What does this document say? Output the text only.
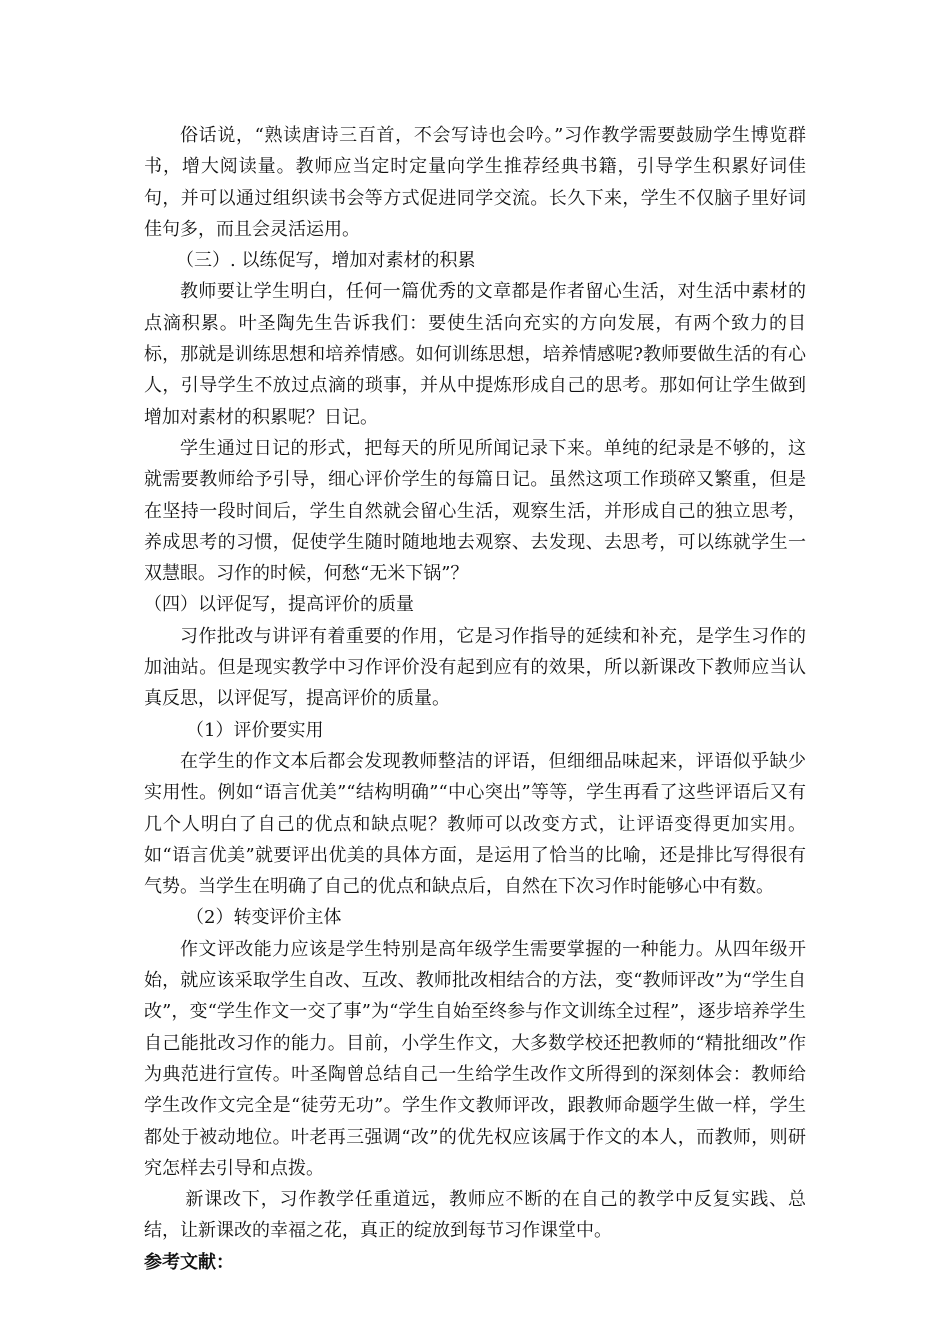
俗话说，“熟读唐诗三百首，不会写诗也会吟。”习作教学需要鼓励学生博览群书，增大阅读量。教师应当定时定量向学生推荐经典书籍，引导学生积累好词佳句，并可以通过组织读书会等方式促进同学交流。长久下来，学生不仅脑子里好词佳句多，而且会灵活运用。

（三）. 以练促写，增加对素材的积累

教师要让学生明白，任何一篇优秀的文章都是作者留心生活，对生活中素材的点滴积累。叶圣陶先生告诉我们：要使生活向充实的方向发展，有两个致力的目标，那就是训练思想和培养情感。如何训练思想，培养情感呢?教师要做生活的有心人，引导学生不放过点滴的琐事，并从中提炼形成自己的思考。那如何让学生做到增加对素材的积累呢？日记。

学生通过日记的形式，把每天的所见所闻记录下来。单纯的纪录是不够的，这就需要教师给予引导，细心评价学生的每篇日记。虽然这项工作琐碎又繁重，但是在坚持一段时间后，学生自然就会留心生活，观察生活，并形成自己的独立思考，养成思考的习惯，促使学生随时随地地去观察、去发现、去思考，可以练就学生一双慧眼。习作的时候，何愁“无米下锅”？

（四）以评促写，提高评价的质量

习作批改与讲评有着重要的作用，它是习作指导的延续和补充，是学生习作的加油站。但是现实教学中习作评价没有起到应有的效果，所以新课改下教师应当认真反思，以评促写，提高评价的质量。

（1）评价要实用

在学生的作文本后都会发现教师整洁的评语，但细细品味起来，评语似乎缺少实用性。例如“语言优美”“结构明确”“中心突出”等等，学生再看了这些评语后又有几个人明白了自己的优点和缺点呢？教师可以改变方式，让评语变得更加实用。如“语言优美”就要评出优美的具体方面，是运用了恰当的比喻，还是排比写得很有气势。当学生在明确了自己的优点和缺点后，自然在下次习作时能够心中有数。

（2）转变评价主体

作文评改能力应该是学生特别是高年级学生需要掌握的一种能力。从四年级开始，就应该采取学生自改、互改、教师批改相结合的方法，变“教师评改”为“学生自改”，变“学生作文一交了事”为“学生自始至终参与作文训练全过程”，逐步培养学生自己能批改习作的能力。目前，小学生作文，大多数学校还把教师的“精批细改”作为典范进行宣传。叶圣陶曾总结自己一生给学生改作文所得到的深刻体会：教师给学生改作文完全是“徒劳无功”。学生作文教师评改，跟教师命题学生做一样，学生都处于被动地位。叶老再三强调“改”的优先权应该属于作文的本人，而教师，则研究怎样去引导和点拨。

新课改下，习作教学任重道远，教师应不断的在自己的教学中反复实践、总结，让新课改的幸福之花，真正的绽放到每节习作课堂中。

参考文献：
